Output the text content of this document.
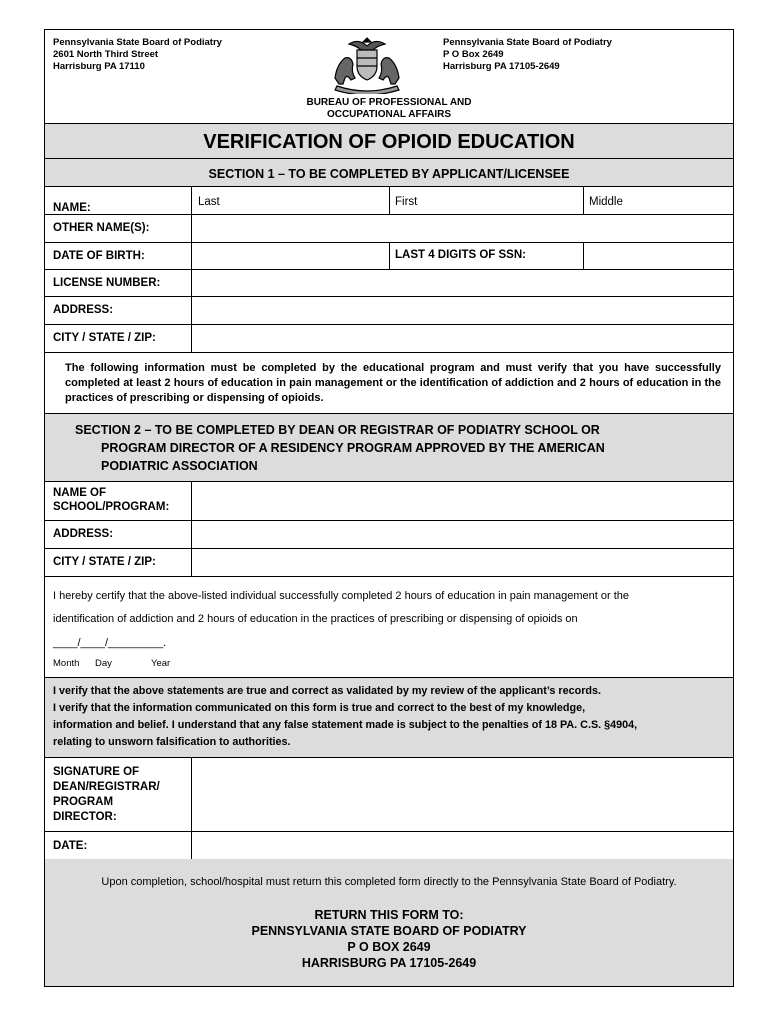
Pennsylvania State Board of Podiatry
2601 North Third Street
Harrisburg PA 17110
Pennsylvania State Board of Podiatry
P O Box 2649
Harrisburg PA 17105-2649
BUREAU OF PROFESSIONAL AND
OCCUPATIONAL AFFAIRS
VERIFICATION OF OPIOID EDUCATION
SECTION 1 – TO BE COMPLETED BY APPLICANT/LICENSEE
NAME:	Last	First	Middle
OTHER NAME(S):
DATE OF BIRTH:	LAST 4 DIGITS OF SSN:
LICENSE NUMBER:
ADDRESS:
CITY / STATE / ZIP:
The following information must be completed by the educational program and must verify that you have successfully completed at least 2 hours of education in pain management or the identification of addiction and 2 hours of education in the practices of prescribing or dispensing of opioids.
SECTION 2 – TO BE COMPLETED BY DEAN OR REGISTRAR OF PODIATRY SCHOOL OR
PROGRAM DIRECTOR OF A RESIDENCY PROGRAM APPROVED BY THE AMERICAN
PODIATRIC ASSOCIATION
NAME OF
SCHOOL/PROGRAM:
ADDRESS:
CITY / STATE / ZIP:
I hereby certify that the above-listed individual successfully completed 2 hours of education in pain management or the
identification of addiction and 2 hours of education in the practices of prescribing or dispensing of opioids on
____/____/_________.
Month Day	Year
I verify that the above statements are true and correct as validated by my review of the applicant’s records.
I verify that the information communicated on this form is true and correct to the best of my knowledge,
information and belief. I understand that any false statement made is subject to the penalties of 18 PA. C.S. §4904,
relating to unsworn falsification to authorities.
SIGNATURE OF
DEAN/REGISTRAR/
PROGRAM
DIRECTOR:
DATE:
Upon completion, school/hospital must return this completed form directly to the Pennsylvania State Board of Podiatry.
RETURN THIS FORM TO:
PENNSYLVANIA STATE BOARD OF PODIATRY
P O BOX 2649
HARRISBURG PA 17105-2649
